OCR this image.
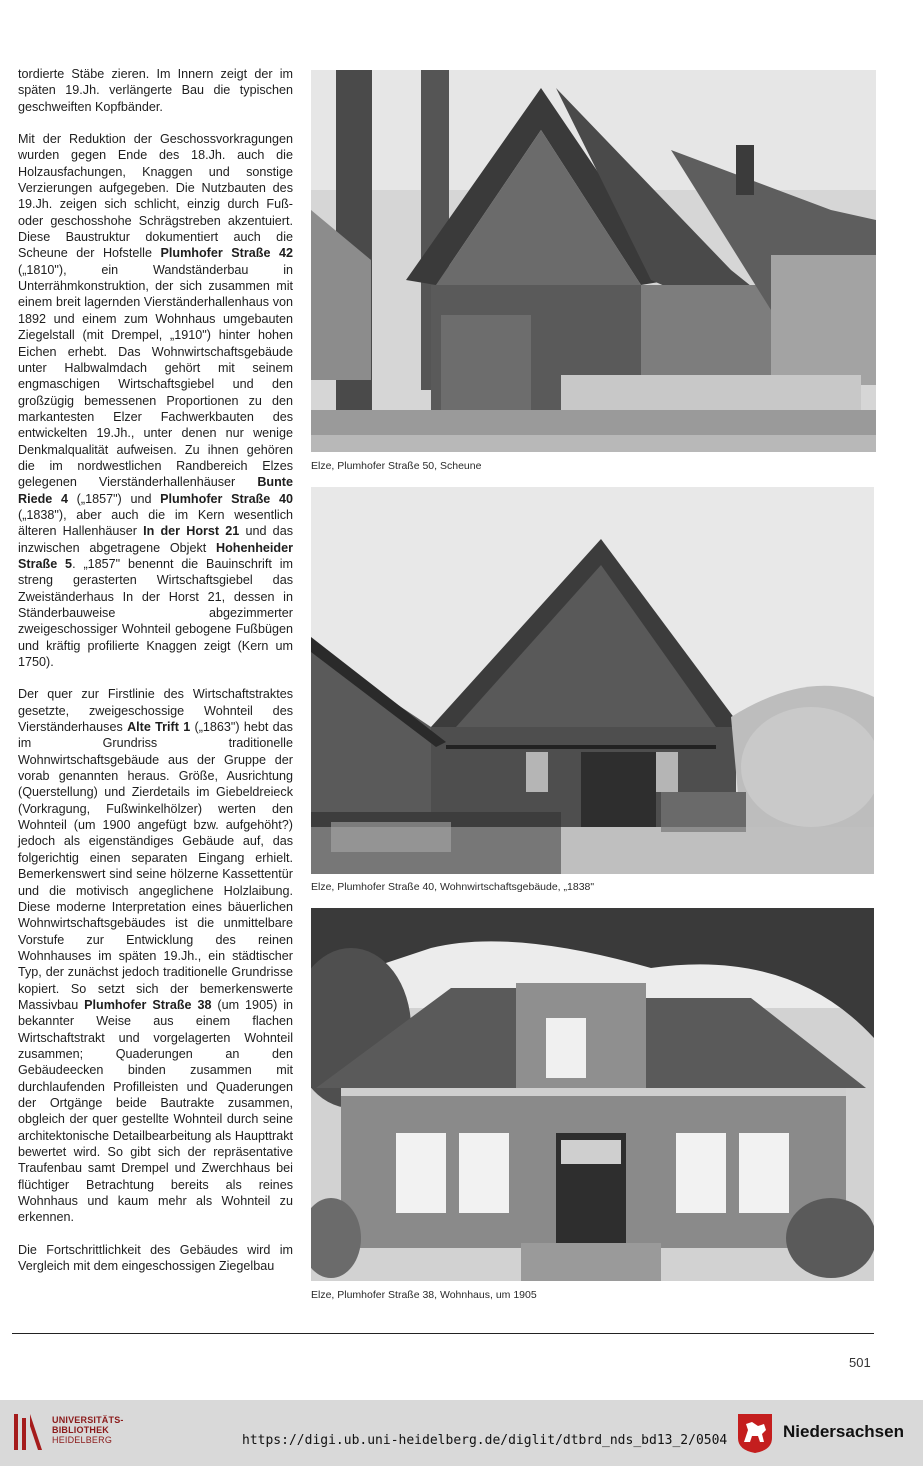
tordierte Stäbe zieren. Im Innern zeigt der im späten 19.Jh. verlängerte Bau die typischen geschweiften Kopfbänder.

Mit der Reduktion der Geschossvorkragungen wurden gegen Ende des 18.Jh. auch die Holzausfachungen, Knaggen und sonstige Verzierungen aufgegeben. Die Nutzbauten des 19.Jh. zeigen sich schlicht, einzig durch Fuß- oder geschosshohe Schrägstreben akzentuiert. Diese Baustruktur dokumentiert auch die Scheune der Hofstelle Plumhofer Straße 42 („1810"), ein Wandständerbau in Unterrähmkonstruktion, der sich zusammen mit einem breit lagernden Vierständerhallenhaus von 1892 und einem zum Wohnhaus umgebauten Ziegelstall (mit Drempel, „1910") hinter hohen Eichen erhebt. Das Wohnwirtschaftsgebäude unter Halbwalmdach gehört mit seinem engmaschigen Wirtschaftsgiebel und den großzügig bemessenen Proportionen zu den markantesten Elzer Fachwerkbauten des entwickelten 19.Jh., unter denen nur wenige Denkmalqualität aufweisen. Zu ihnen gehören die im nordwestlichen Randbereich Elzes gelegenen Vierständerhallenhäuser Bunte Riede 4 („1857") und Plumhofer Straße 40 („1838"), aber auch die im Kern wesentlich älteren Hallenhäuser In der Horst 21 und das inzwischen abgetragene Objekt Hohenheider Straße 5. „1857" benennt die Bauinschrift im streng gerasterten Wirtschaftsgiebel das Zweiständerhaus In der Horst 21, dessen in Ständerbauweise abgezimmerter zweigeschossiger Wohnteil gebogene Fußbügen und kräftig profilierte Knaggen zeigt (Kern um 1750).

Der quer zur Firstlinie des Wirtschaftstraktes gesetzte, zweigeschossige Wohnteil des Vierständerhauses Alte Trift 1 („1863") hebt das im Grundriss traditionelle Wohnwirtschaftsgebäude aus der Gruppe der vorab genannten heraus. Größe, Ausrichtung (Querstellung) und Zierdetails im Giebeldreieck (Vorkragung, Fußwinkelhölzer) werten den Wohnteil (um 1900 angefügt bzw. aufgehöht?) jedoch als eigenständiges Gebäude auf, das folgerichtig einen separaten Eingang erhielt. Bemerkenswert sind seine hölzerne Kassettentür und die motivisch angeglichene Holzlaibung. Diese moderne Interpretation eines bäuerlichen Wohnwirtschaftsgebäudes ist die unmittelbare Vorstufe zur Entwicklung des reinen Wohnhauses im späten 19.Jh., ein städtischer Typ, der zunächst jedoch traditionelle Grundrisse kopiert. So setzt sich der bemerkenswerte Massivbau Plumhofer Straße 38 (um 1905) in bekannter Weise aus einem flachen Wirtschaftstrakt und vorgelagerten Wohnteil zusammen; Quaderungen an den Gebäudeecken binden zusammen mit durchlaufenden Profilleisten und Quaderungen der Ortgänge beide Bautrakte zusammen, obgleich der quer gestellte Wohnteil durch seine architektonische Detailbearbeitung als Haupttrakt bewertet wird. So gibt sich der repräsentative Traufenbau samt Drempel und Zwerchhaus bei flüchtiger Betrachtung bereits als reines Wohnhaus und kaum mehr als Wohnteil zu erkennen.

Die Fortschrittlichkeit des Gebäudes wird im Vergleich mit dem eingeschossigen Ziegelbau

Elze, Plumhofer Straße 50, Scheune
Elze, Plumhofer Straße 40, Wohnwirtschaftsgebäude, „1838"
Elze, Plumhofer Straße 38, Wohnhaus, um 1905
501
UNIVERSITÄTS-
BIBLIOTHEK
HEIDELBERG	https://digi.ub.uni-heidelberg.de/diglit/dtbrd_nds_bd13_2/0504	Niedersachsen
